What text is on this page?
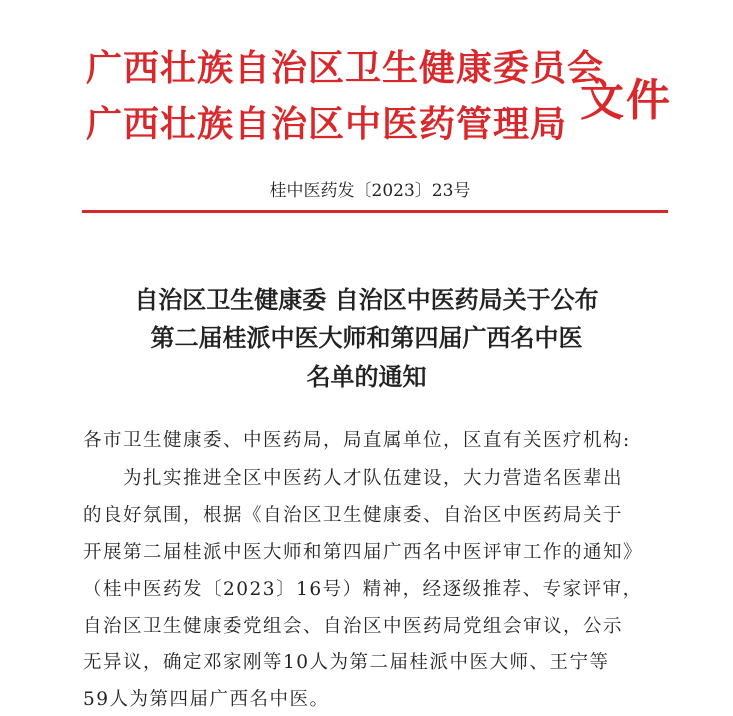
广西壮族自治区卫生健康委员会
广西壮族自治区中医药管理局 文件
桂中医药发〔2023〕23号
自治区卫生健康委 自治区中医药局关于公布
第二届桂派中医大师和第四届广西名中医
名单的通知
各市卫生健康委、中医药局，局直属单位，区直有关医疗机构:
　　为扎实推进全区中医药人才队伍建设，大力营造名医辈出
的良好氛围，根据《自治区卫生健康委、自治区中医药局关于
开展第二届桂派中医大师和第四届广西名中医评审工作的通知》
（桂中医药发〔2023〕16号）精神，经逐级推荐、专家评审，
自治区卫生健康委党组会、自治区中医药局党组会审议，公示
无异议，确定邓家刚等10人为第二届桂派中医大师、王宁等
59人为第四届广西名中医。
